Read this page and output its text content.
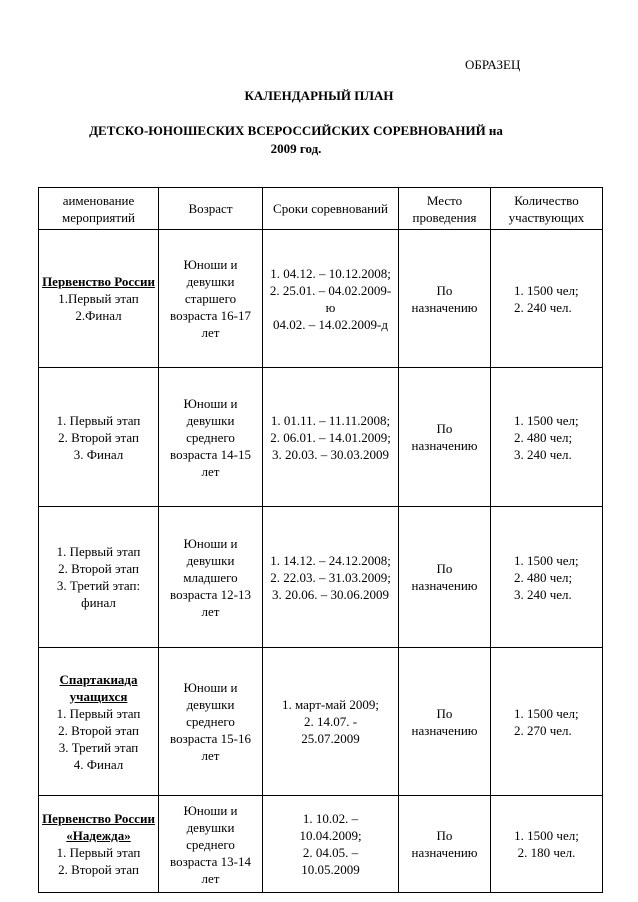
ОБРАЗЕЦ
КАЛЕНДАРНЫЙ ПЛАН
ДЕТСКО-ЮНОШЕСКИХ ВСЕРОССИЙСКИХ СОРЕВНОВАНИЙ на
2009 год.
аименование мероприятий	Возраст	Сроки соревнований	Место проведения	Количество участвующих

Первенство России
1.Первый этап
2.Финал	Юноши и девушки старшего возраста 16-17 лет	1. 04.12. – 10.12.2008;
2. 25.01. – 04.02.2009-ю
04.02. – 14.02.2009-д	По назначению	1. 1500 чел;
2. 240 чел.

1. Первый этап
2. Второй этап
3. Финал	Юноши и девушки среднего возраста 14-15 лет	1. 01.11. – 11.11.2008;
2. 06.01. – 14.01.2009;
3. 20.03. – 30.03.2009	По назначению	1. 1500 чел;
2. 480 чел;
3. 240 чел.

1. Первый этап
2. Второй этап
3. Третий этап:
финал	Юноши и девушки младшего возраста 12-13 лет	1. 14.12. – 24.12.2008;
2. 22.03. – 31.03.2009;
3. 20.06. – 30.06.2009	По назначению	1. 1500 чел;
2. 480 чел;
3. 240 чел.

Спартакиада учащихся
1. Первый этап
2. Второй этап
3. Третий этап
4. Финал	Юноши и девушки среднего возраста 15-16 лет	1. март-май 2009;
2. 14.07. -
25.07.2009	По назначению	1. 1500 чел;
2. 270 чел.

Первенство России «Надежда»
1. Первый этап
2. Второй этап	Юноши и девушки среднего возраста 13-14 лет	1. 10.02. –
10.04.2009;
2. 04.05. –
10.05.2009	По назначению	1. 1500 чел;
2. 180 чел.
